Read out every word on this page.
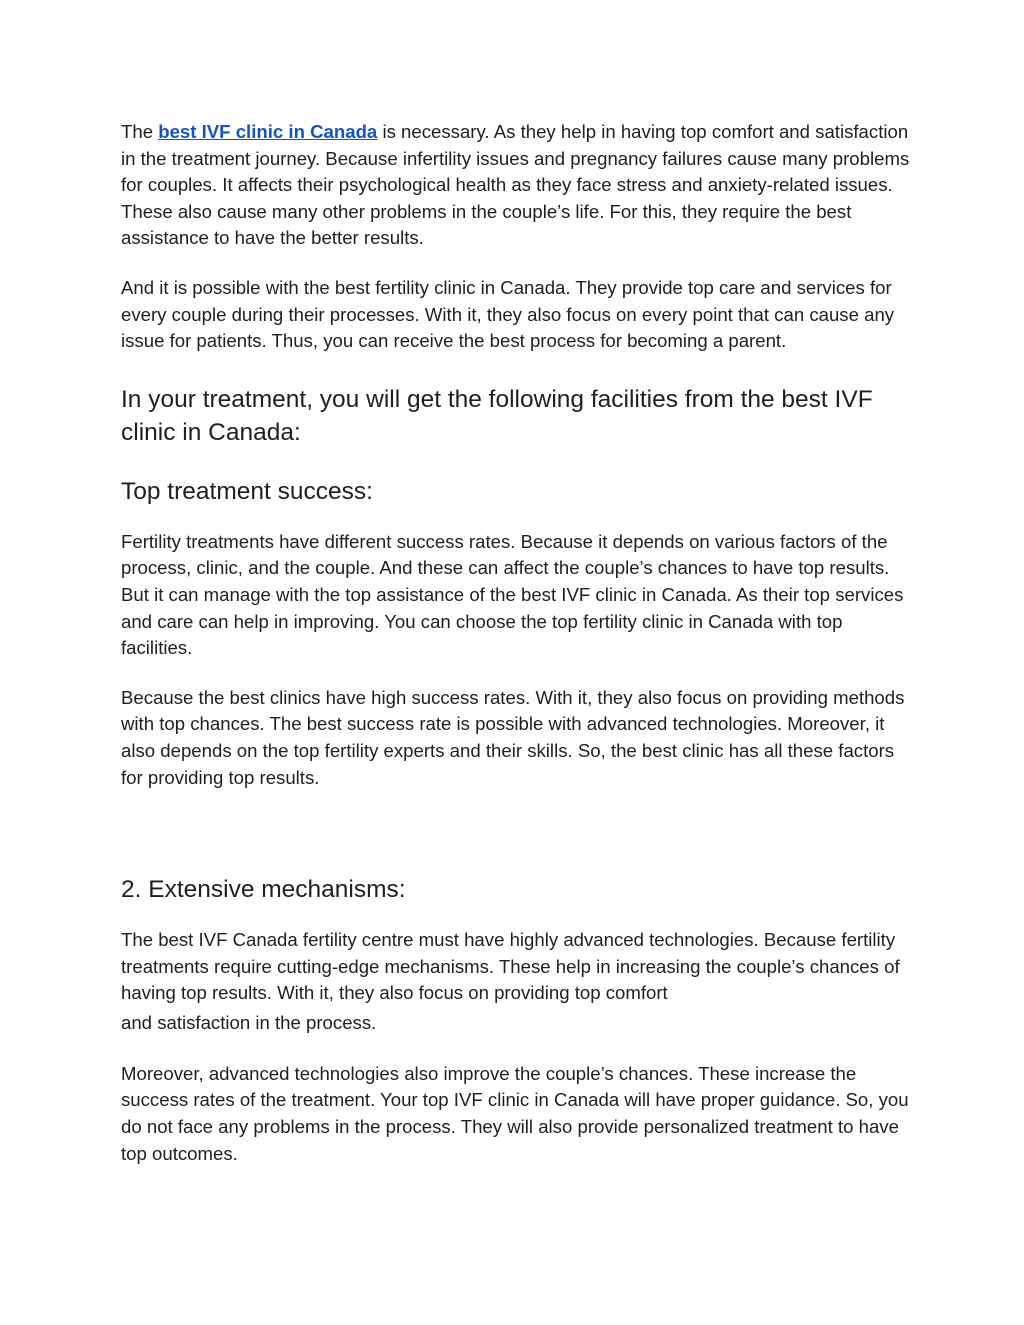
The best IVF clinic in Canada is necessary. As they help in having top comfort and satisfaction in the treatment journey. Because infertility issues and pregnancy failures cause many problems for couples. It affects their psychological health as they face stress and anxiety-related issues. These also cause many other problems in the couple’s life. For this, they require the best assistance to have the better results.

And it is possible with the best fertility clinic in Canada. They provide top care and services for every couple during their processes. With it, they also focus on every point that can cause any issue for patients. Thus, you can receive the best process for becoming a parent.

In your treatment, you will get the following facilities from the best IVF clinic in Canada:
Top treatment success:

Fertility treatments have different success rates. Because it depends on various factors of the process, clinic, and the couple. And these can affect the couple’s chances to have top results. But it can manage with the top assistance of the best IVF clinic in Canada. As their top services and care can help in improving. You can choose the top fertility clinic in Canada with top facilities.

Because the best clinics have high success rates. With it, they also focus on providing methods with top chances. The best success rate is possible with advanced technologies. Moreover, it also depends on the top fertility experts and their skills. So, the best clinic has all these factors for providing top results.

2. Extensive mechanisms:

The best IVF Canada fertility centre must have highly advanced technologies. Because fertility treatments require cutting-edge mechanisms. These help in increasing the couple’s chances of having top results. With it, they also focus on providing top comfort
and satisfaction in the process.

Moreover, advanced technologies also improve the couple’s chances. These increase the success rates of the treatment. Your top IVF clinic in Canada will have proper guidance. So, you do not face any problems in the process. They will also provide personalized treatment to have top outcomes.
